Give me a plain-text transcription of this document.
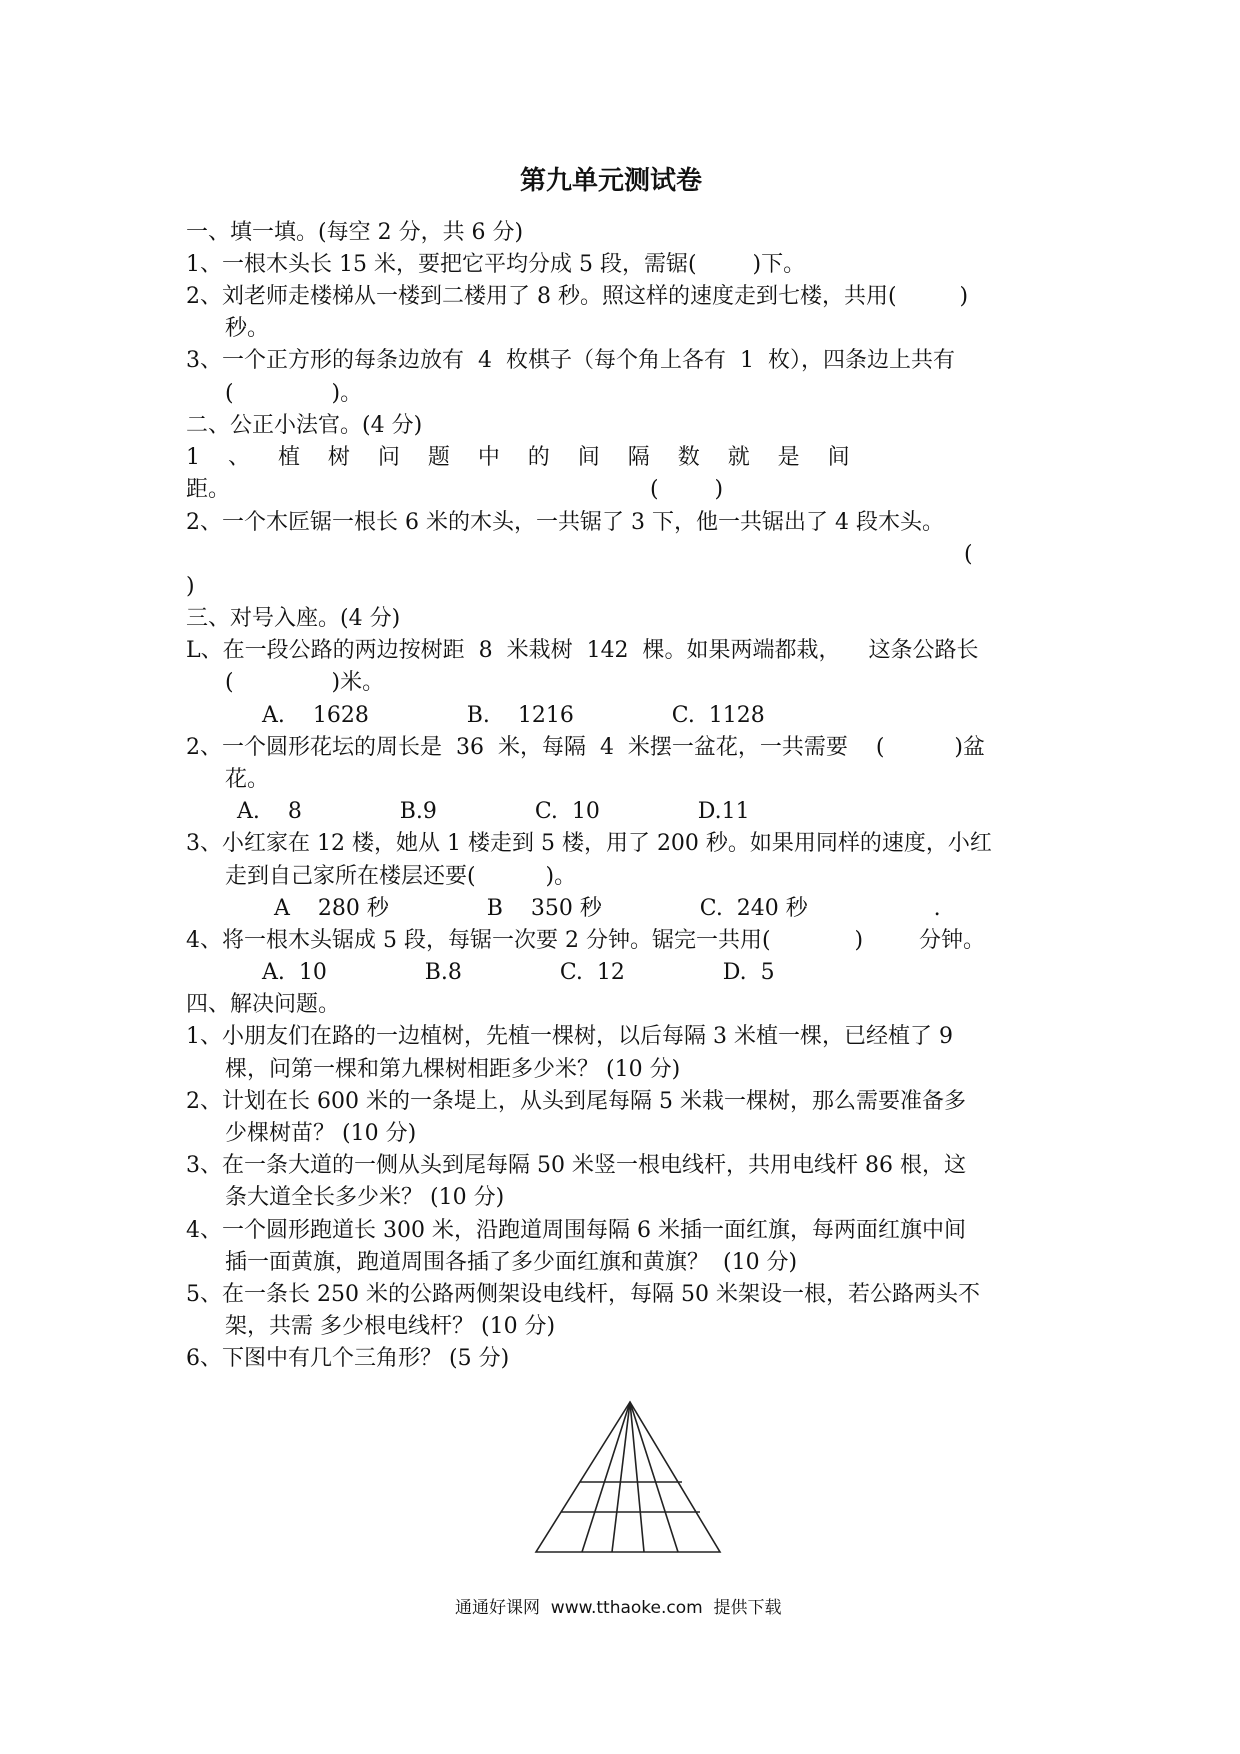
第九单元测试卷
一、填一填。(每空 2 分，共 6 分)
1、一根木头长 15 米，要把它平均分成 5 段，需锯(        )下。
2、刘老师走楼梯从一楼到二楼用了 8 秒。照这样的速度走到七楼，共用(         )
秒。
3、一个正方形的每条边放有  4  枚棋子（每个角上各有  1  枚），四条边上共有
(              )。
二、公正小法官。(4 分)
1    、    植    树    问    题    中    的    间    隔    数    就    是    间
距。	(        )
2、一个木匠锯一根长 6 米的木头，一共锯了 3 下，他一共锯出了 4 段木头。
(
)
三、对号入座。(4 分)
L、在一段公路的两边按树距  8  米栽树  142  棵。如果两端都栽，    这条公路长
(              )米。
A.    1628              B.    1216              C.  1128
2、一个圆形花坛的周长是  36  米，每隔  4  米摆一盆花，一共需要    (          )盆
花。
A.    8              B.9              C.  10              D.11
3、小红家在 12 楼，她从 1 楼走到 5 楼，用了 200 秒。如果用同样的速度，小红
走到自己家所在楼层还要(          )。
A    280 秒              B    350 秒              C.  240 秒                  .
4、将一根木头锯成 5 段，每锯一次要 2 分钟。锯完一共用(            )        分钟。
A.  10              B.8              C.  12              D.  5
四、解决问题。
1、小朋友们在路的一边植树，先植一棵树，以后每隔 3 米植一棵，已经植了 9
棵，问第一棵和第九棵树相距多少米？ (10 分)
2、计划在长 600 米的一条堤上，从头到尾每隔 5 米栽一棵树，那么需要准备多
少棵树苗？ (10 分)
3、在一条大道的一侧从头到尾每隔 50 米竖一根电线杆，共用电线杆 86 根，这
条大道全长多少米？ (10 分)
4、一个圆形跑道长 300 米，沿跑道周围每隔 6 米插一面红旗，每两面红旗中间
插一面黄旗，跑道周围各插了多少面红旗和黄旗？  (10 分)
5、在一条长 250 米的公路两侧架设电线杆，每隔 50 米架设一根，若公路两头不
架，共需 多少根电线杆？ (10 分)
6、下图中有几个三角形？ (5 分)
通通好课网  www.tthaoke.com  提供下载
